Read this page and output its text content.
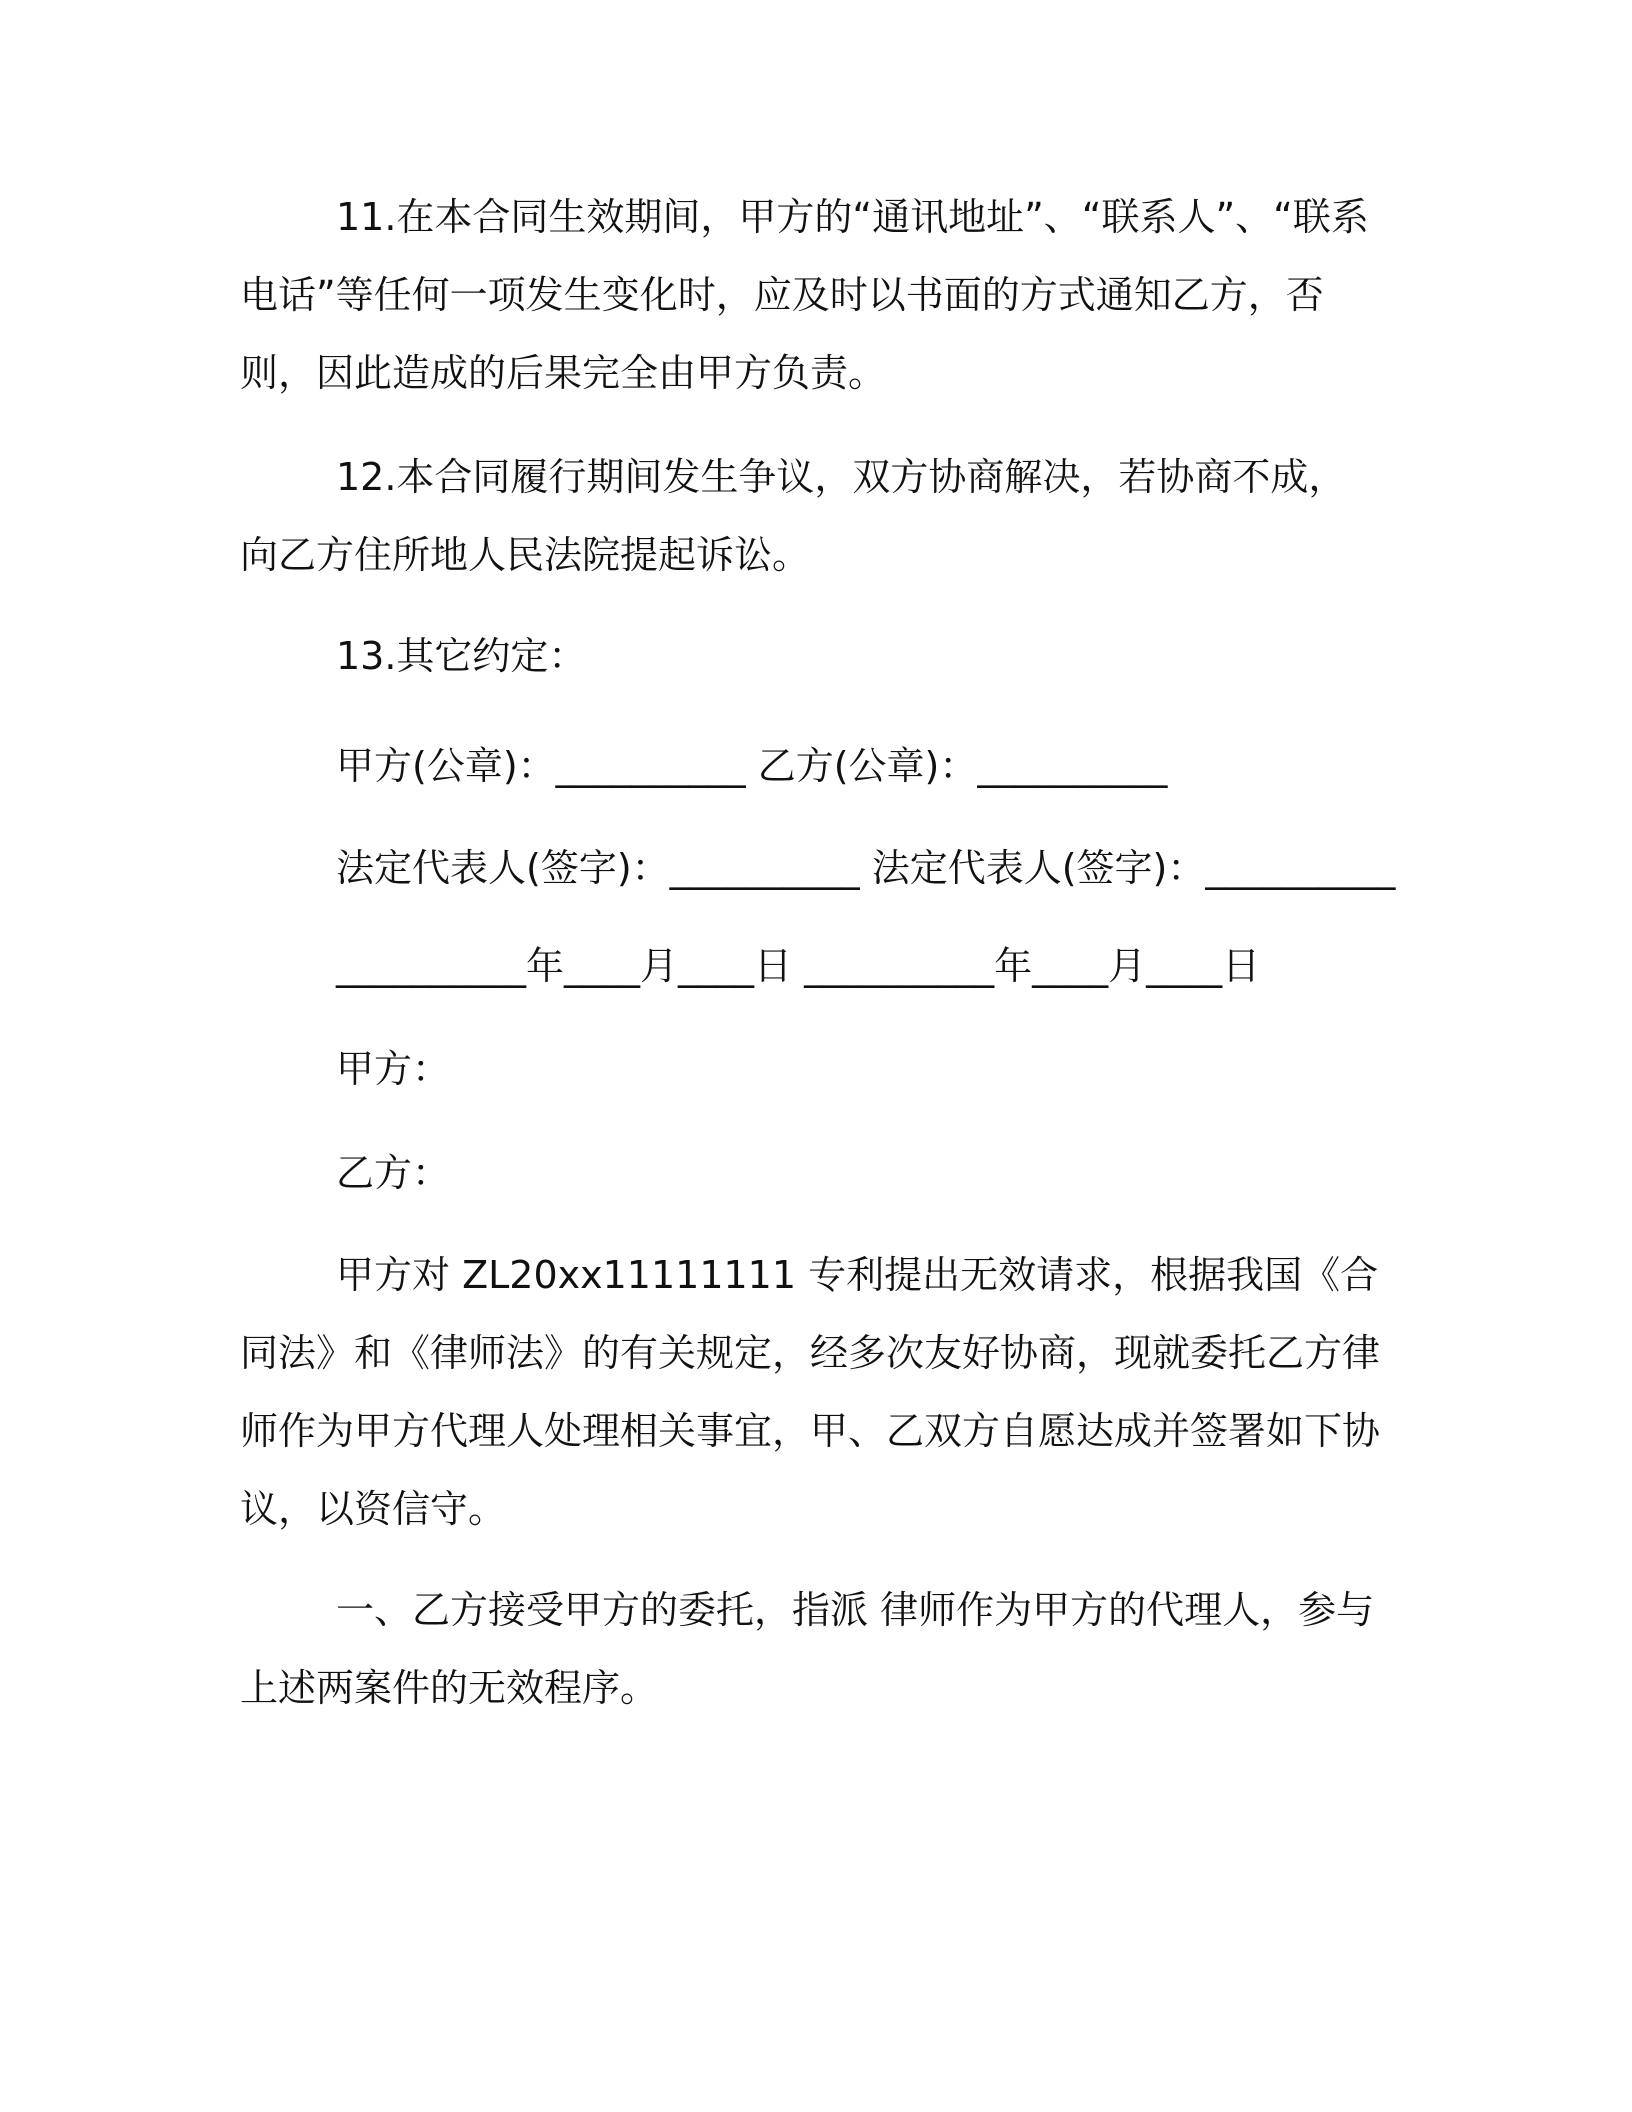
11.在本合同生效期间，甲方的“通讯地址”、“联系人”、“联系电话”等任何一项发生变化时，应及时以书面的方式通知乙方，否则，因此造成的后果完全由甲方负责。

12.本合同履行期间发生争议，双方协商解决，若协商不成，向乙方住所地人民法院提起诉讼。

13.其它约定：

甲方(公章)：__________ 乙方(公章)：__________

法定代表人(签字)：__________ 法定代表人(签字)：__________

__________年____月____日 __________年____月____日

甲方：

乙方：

甲方对 ZL20xx11111111 专利提出无效请求，根据我国《合同法》和《律师法》的有关规定，经多次友好协商，现就委托乙方律师作为甲方代理人处理相关事宜，甲、乙双方自愿达成并签署如下协议，以资信守。

一、乙方接受甲方的委托，指派 律师作为甲方的代理人，参与上述两案件的无效程序。
